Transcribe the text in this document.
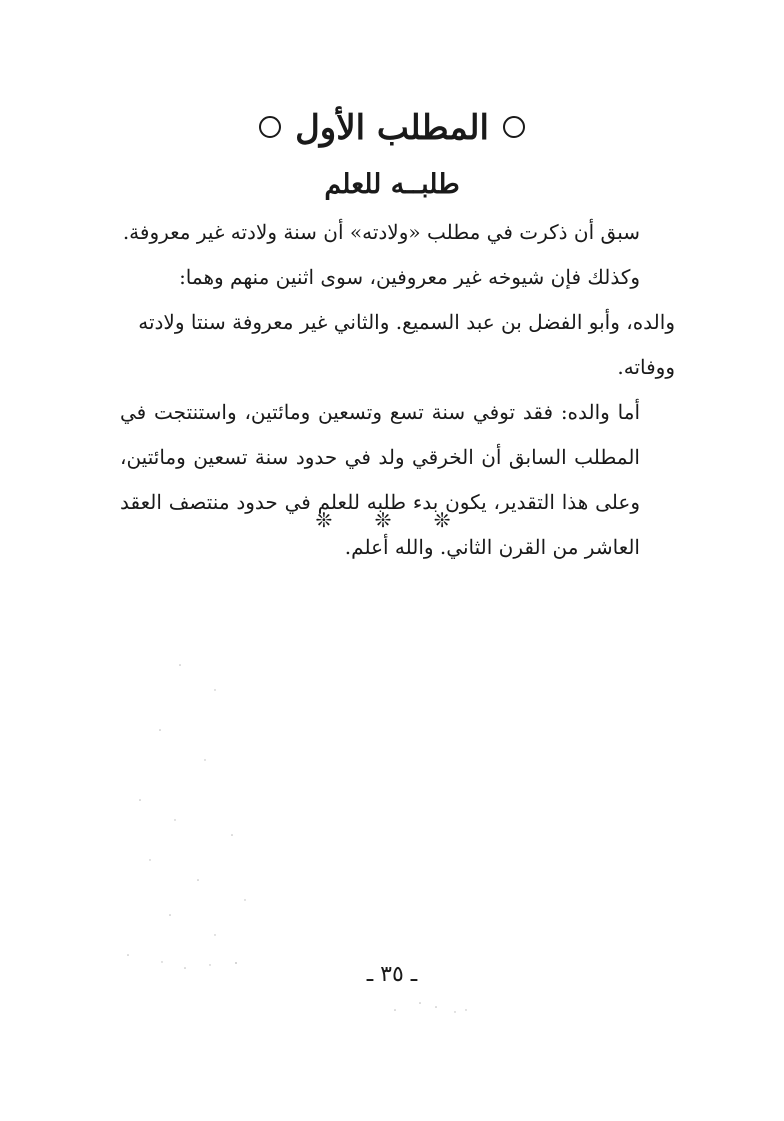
المطلب الأول
طلبــه للعلم

سبق أن ذكرت في مطلب «ولادته» أن سنة ولادته غير معروفة.

وكذلك فإن شيوخه غير معروفين، سوى اثنين منهم وهما:

والده، وأبو الفضل بن عبد السميع. والثاني غير معروفة سنتا ولادته ووفاته.

أما والده: فقد توفي سنة تسع وتسعين ومائتين، واستنتجت في المطلب السابق أن الخرقي ولد في حدود سنة تسعين ومائتين، وعلى هذا التقدير، يكون بدء طلبه للعلم في حدود منتصف العقد العاشر من القرن الثاني. والله أعلم.

❊ ❊ ❊
ـ ٣٥ ـ
